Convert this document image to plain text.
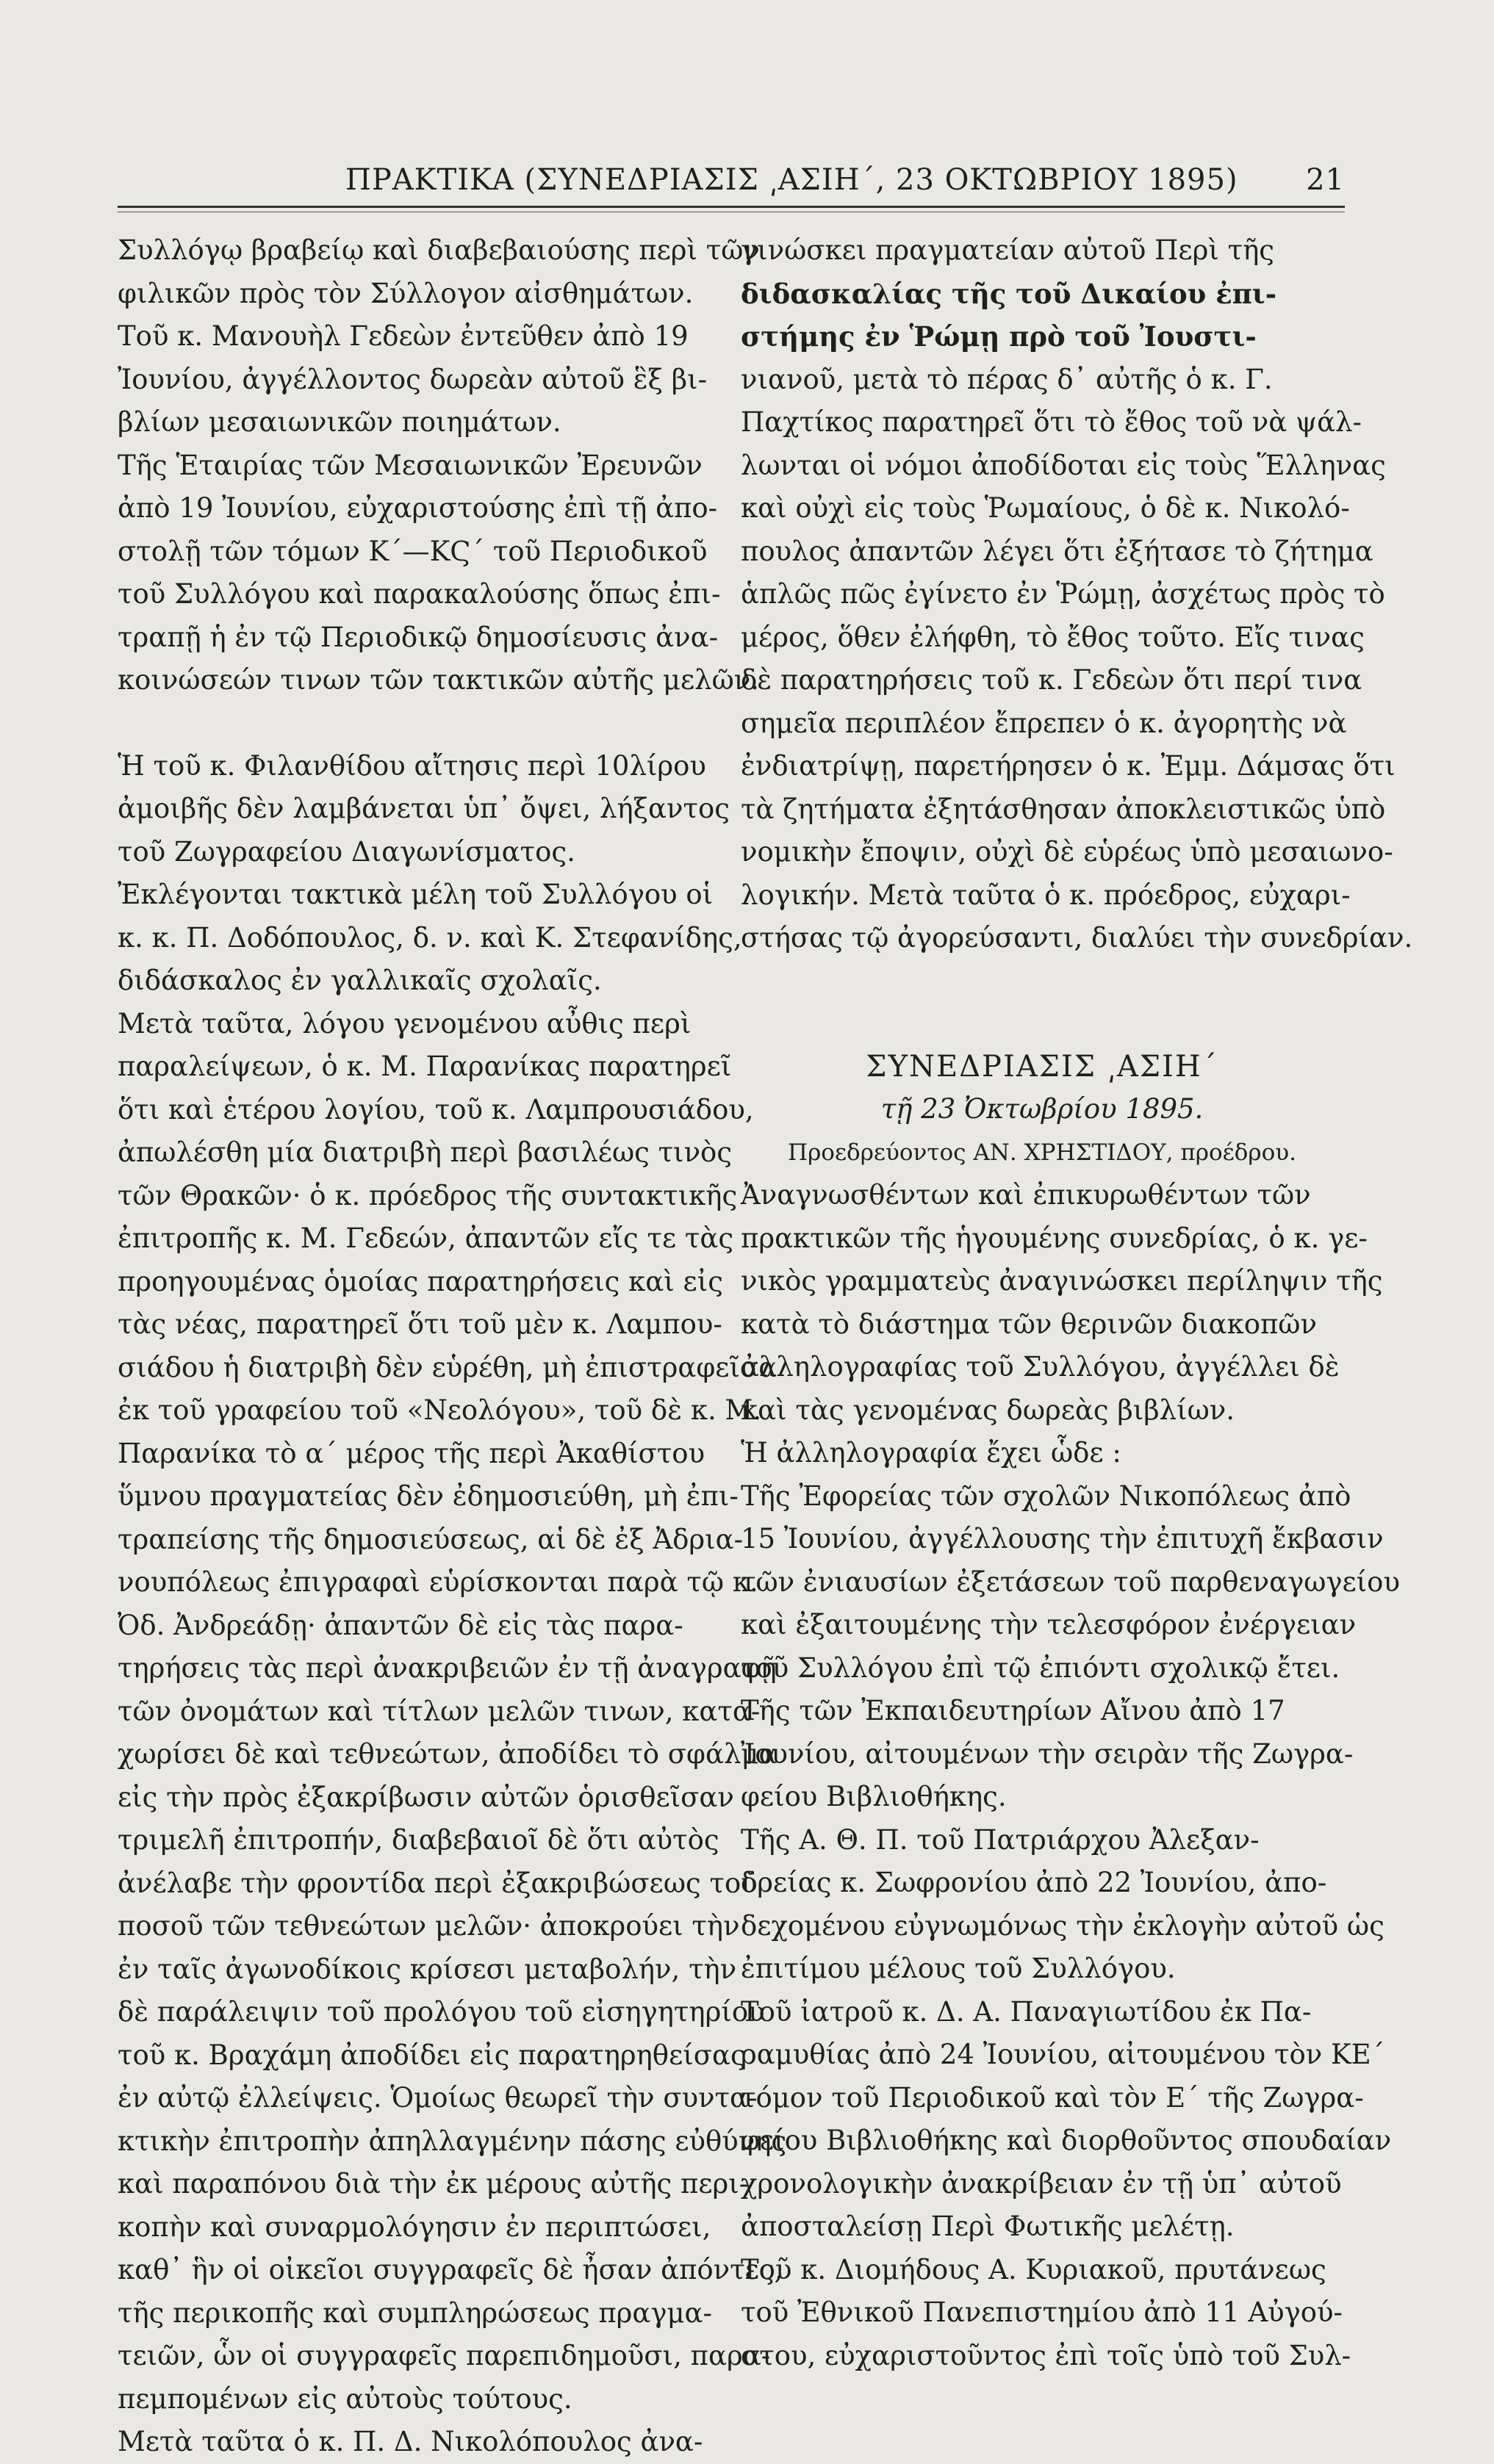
ΠΡΑΚΤΙΚΑ (ΣΥΝΕΔΡΙΑΣΙΣ ͵ΑΣΙΗ΄, 23 ΟΚΤΩΒΡΙΟΥ 1895) 21
Συλλόγῳ βραβείῳ καὶ διαβεβαιούσης περὶ τῶν
φιλικῶν πρὸς τὸν Σύλλογον αἰσθημάτων.
Τοῦ κ. Μανουὴλ Γεδεὼν ἐντεῦθεν ἀπὸ 19
Ἰουνίου, ἀγγέλλοντος δωρεὰν αὐτοῦ ἓξ βι-
βλίων μεσαιωνικῶν ποιημάτων.
Τῆς Ἑταιρίας τῶν Μεσαιωνικῶν Ἐρευνῶν
ἀπὸ 19 Ἰουνίου, εὐχαριστούσης ἐπὶ τῇ ἀπο-
στολῇ τῶν τόμων Κ΄—ΚϚ΄ τοῦ Περιοδικοῦ
τοῦ Συλλόγου καὶ παρακαλούσης ὅπως ἐπι-
τραπῇ ἡ ἐν τῷ Περιοδικῷ δημοσίευσις ἀνα-
κοινώσεών τινων τῶν τακτικῶν αὐτῆς μελῶν.
Ἡ τοῦ κ. Φιλανθίδου αἴτησις περὶ 10λίρου
ἀμοιβῆς δὲν λαμβάνεται ὑπ᾿ ὄψει, λήξαντος
τοῦ Ζωγραφείου Διαγωνίσματος.
Ἐκλέγονται τακτικὰ μέλη τοῦ Συλλόγου οἱ
κ. κ. Π. Δοδόπουλος, δ. ν. καὶ Κ. Στεφανίδης,
διδάσκαλος ἐν γαλλικαῖς σχολαῖς.
Μετὰ ταῦτα, λόγου γενομένου αὖθις περὶ
παραλείψεων, ὁ κ. Μ. Παρανίκας παρατηρεῖ
ὅτι καὶ ἑτέρου λογίου, τοῦ κ. Λαμπρουσιάδου,
ἀπωλέσθη μία διατριβὴ περὶ βασιλέως τινὸς
τῶν Θρακῶν· ὁ κ. πρόεδρος τῆς συντακτικῆς
ἐπιτροπῆς κ. Μ. Γεδεών, ἀπαντῶν εἴς τε τὰς
προηγουμένας ὁμοίας παρατηρήσεις καὶ εἰς
τὰς νέας, παρατηρεῖ ὅτι τοῦ μὲν κ. Λαμπου-
σιάδου ἡ διατριβὴ δὲν εὑρέθη, μὴ ἐπιστραφεῖσα
ἐκ τοῦ γραφείου τοῦ «Νεολόγου», τοῦ δὲ κ. Μ.
Παρανίκα τὸ α΄ μέρος τῆς περὶ Ἀκαθίστου
ὕμνου πραγματείας δὲν ἐδημοσιεύθη, μὴ ἐπι-
τραπείσης τῆς δημοσιεύσεως, αἱ δὲ ἐξ Ἀδρια-
νουπόλεως ἐπιγραφαὶ εὑρίσκονται παρὰ τῷ κ.
Ὀδ. Ἀνδρεάδῃ· ἀπαντῶν δὲ εἰς τὰς παρα-
τηρήσεις τὰς περὶ ἀνακριβειῶν ἐν τῇ ἀναγραφῇ
τῶν ὀνομάτων καὶ τίτλων μελῶν τινων, κατα-
χωρίσει δὲ καὶ τεθνεώτων, ἀποδίδει τὸ σφάλμα
εἰς τὴν πρὸς ἐξακρίβωσιν αὐτῶν ὁρισθεῖσαν
τριμελῆ ἐπιτροπήν, διαβεβαιοῖ δὲ ὅτι αὐτὸς
ἀνέλαβε τὴν φροντίδα περὶ ἐξακριβώσεως τοῦ
ποσοῦ τῶν τεθνεώτων μελῶν· ἀποκρούει τὴν
ἐν ταῖς ἀγωνοδίκοις κρίσεσι μεταβολήν, τὴν
δὲ παράλειψιν τοῦ προλόγου τοῦ εἰσηγητηρίου
τοῦ κ. Βραχάμη ἀποδίδει εἰς παρατηρηθείσας
ἐν αὐτῷ ἐλλείψεις. Ὁμοίως θεωρεῖ τὴν συντα-
κτικὴν ἐπιτροπὴν ἀπηλλαγμένην πάσης εὐθύνης
καὶ παραπόνου διὰ τὴν ἐκ μέρους αὐτῆς περι-
κοπὴν καὶ συναρμολόγησιν ἐν περιπτώσει,
καθ᾿ ἣν οἱ οἰκεῖοι συγγραφεῖς δὲ ἦσαν ἀπόντες,
τῆς περικοπῆς καὶ συμπληρώσεως πραγμα-
τειῶν, ὧν οἱ συγγραφεῖς παρεπιδημοῦσι, παρα-
πεμπομένων εἰς αὐτοὺς τούτους.
Μετὰ ταῦτα ὁ κ. Π. Δ. Νικολόπουλος ἀνα-
γινώσκει πραγματείαν αὐτοῦ Περὶ τῆς
διδασκαλίας τῆς τοῦ Δικαίου ἐπι-
στήμης ἐν Ῥώμῃ πρὸ τοῦ Ἰουστι-
νιανοῦ, μετὰ τὸ πέρας δ᾿ αὐτῆς ὁ κ. Γ.
Παχτίκος παρατηρεῖ ὅτι τὸ ἔθος τοῦ νὰ ψάλ-
λωνται οἱ νόμοι ἀποδίδοται εἰς τοὺς Ἕλληνας
καὶ οὐχὶ εἰς τοὺς Ῥωμαίους, ὁ δὲ κ. Νικολό-
πουλος ἀπαντῶν λέγει ὅτι ἐξήτασε τὸ ζήτημα
ἁπλῶς πῶς ἐγίνετο ἐν Ῥώμῃ, ἀσχέτως πρὸς τὸ
μέρος, ὅθεν ἐλήφθη, τὸ ἔθος τοῦτο. Εἴς τινας
δὲ παρατηρήσεις τοῦ κ. Γεδεὼν ὅτι περί τινα
σημεῖα περιπλέον ἔπρεπεν ὁ κ. ἀγορητὴς νὰ
ἐνδιατρίψῃ, παρετήρησεν ὁ κ. Ἐμμ. Δάμσας ὅτι
τὰ ζητήματα ἐξητάσθησαν ἀποκλειστικῶς ὑπὸ
νομικὴν ἔποψιν, οὐχὶ δὲ εὑρέως ὑπὸ μεσαιωνο-
λογικήν. Μετὰ ταῦτα ὁ κ. πρόεδρος, εὐχαρι-
στήσας τῷ ἀγορεύσαντι, διαλύει τὴν συνεδρίαν.
ΣΥΝΕΔΡΙΑΣΙΣ ͵ΑΣΙΗ΄
τῇ 23 Ὀκτωβρίου 1895.
Προεδρεύοντος ΑΝ. ΧΡΗΣΤΙΔΟΥ, προέδρου.
Ἀναγνωσθέντων καὶ ἐπικυρωθέντων τῶν
πρακτικῶν τῆς ἡγουμένης συνεδρίας, ὁ κ. γε-
νικὸς γραμματεὺς ἀναγινώσκει περίληψιν τῆς
κατὰ τὸ διάστημα τῶν θερινῶν διακοπῶν
ἀλληλογραφίας τοῦ Συλλόγου, ἀγγέλλει δὲ
καὶ τὰς γενομένας δωρεὰς βιβλίων.
Ἡ ἀλληλογραφία ἔχει ὧδε :
Τῆς Ἐφορείας τῶν σχολῶν Νικοπόλεως ἀπὸ
15 Ἰουνίου, ἀγγέλλουσης τὴν ἐπιτυχῆ ἔκβασιν
τῶν ἐνιαυσίων ἐξετάσεων τοῦ παρθεναγωγείου
καὶ ἐξαιτουμένης τὴν τελεσφόρον ἐνέργειαν
τοῦ Συλλόγου ἐπὶ τῷ ἐπιόντι σχολικῷ ἔτει.
Τῆς τῶν Ἐκπαιδευτηρίων Αἴνου ἀπὸ 17
Ἰουνίου, αἰτουμένων τὴν σειρὰν τῆς Ζωγρα-
φείου Βιβλιοθήκης.
Τῆς Α. Θ. Π. τοῦ Πατριάρχου Ἀλεξαν-
δρείας κ. Σωφρονίου ἀπὸ 22 Ἰουνίου, ἀπο-
δεχομένου εὐγνωμόνως τὴν ἐκλογὴν αὐτοῦ ὡς
ἐπιτίμου μέλους τοῦ Συλλόγου.
Τοῦ ἰατροῦ κ. Δ. Α. Παναγιωτίδου ἐκ Πα-
ραμυθίας ἀπὸ 24 Ἰουνίου, αἰτουμένου τὸν ΚΕ΄
τόμον τοῦ Περιοδικοῦ καὶ τὸν Ε΄ τῆς Ζωγρα-
φείου Βιβλιοθήκης καὶ διορθοῦντος σπουδαίαν
χρονολογικὴν ἀνακρίβειαν ἐν τῇ ὑπ᾿ αὐτοῦ
ἀποσταλείσῃ Περὶ Φωτικῆς μελέτῃ.
Τοῦ κ. Διομήδους Α. Κυριακοῦ, πρυτάνεως
τοῦ Ἐθνικοῦ Πανεπιστημίου ἀπὸ 11 Αὐγού-
στου, εὐχαριστοῦντος ἐπὶ τοῖς ὑπὸ τοῦ Συλ-
